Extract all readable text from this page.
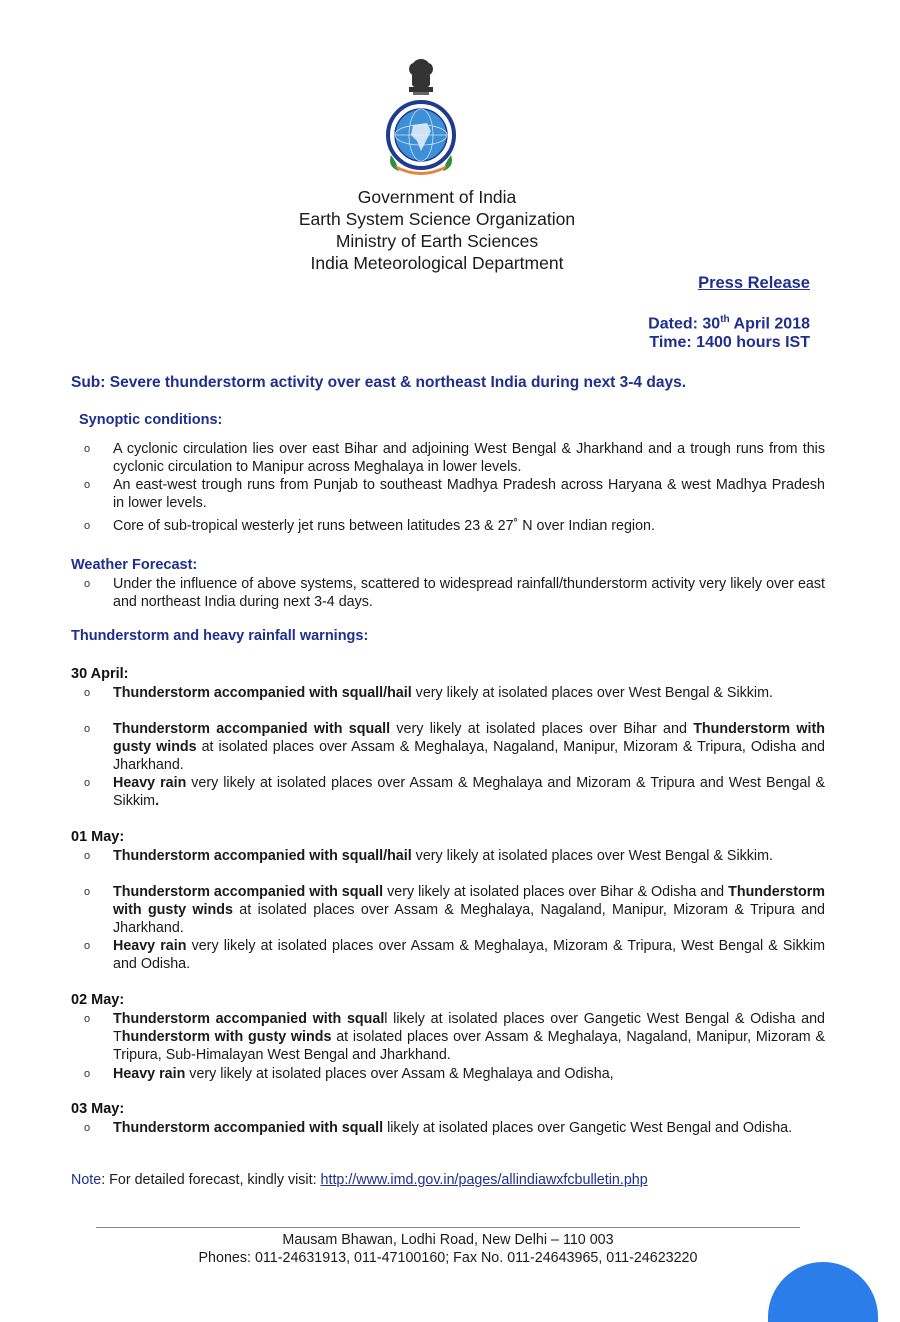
Government of India
Earth System Science Organization
Ministry of Earth Sciences
India Meteorological Department
Press Release
Dated: 30th April 2018
Time: 1400 hours IST
Sub: Severe thunderstorm activity over east & northeast India during next 3-4 days.
Synoptic conditions:
o A cyclonic circulation lies over east Bihar and adjoining West Bengal & Jharkhand and a trough runs from this cyclonic circulation to Manipur across Meghalaya in lower levels.
o An east-west trough runs from Punjab to southeast Madhya Pradesh across Haryana & west Madhya Pradesh in lower levels.
o Core of sub-tropical westerly jet runs between latitudes 23 & 27˚ N over Indian region.
Weather Forecast:
o Under the influence of above systems, scattered to widespread rainfall/thunderstorm activity very likely over east and northeast India during next 3-4 days.
Thunderstorm and heavy rainfall warnings:
30 April:
o Thunderstorm accompanied with squall/hail very likely at isolated places over West Bengal & Sikkim.
o Thunderstorm accompanied with squall very likely at isolated places over Bihar and Thunderstorm with gusty winds at isolated places over Assam & Meghalaya, Nagaland, Manipur, Mizoram & Tripura, Odisha and Jharkhand.
o Heavy rain very likely at isolated places over Assam & Meghalaya and Mizoram & Tripura and West Bengal & Sikkim.
01 May:
o Thunderstorm accompanied with squall/hail very likely at isolated places over West Bengal & Sikkim.
o Thunderstorm accompanied with squall very likely at isolated places over Bihar & Odisha and Thunderstorm with gusty winds at isolated places over Assam & Meghalaya, Nagaland, Manipur, Mizoram & Tripura and Jharkhand.
o Heavy rain very likely at isolated places over Assam & Meghalaya, Mizoram & Tripura, West Bengal & Sikkim and Odisha.
02 May:
o Thunderstorm accompanied with squall likely at isolated places over Gangetic West Bengal & Odisha and Thunderstorm with gusty winds at isolated places over Assam & Meghalaya, Nagaland, Manipur, Mizoram & Tripura, Sub-Himalayan West Bengal and Jharkhand.
o Heavy rain very likely at isolated places over Assam & Meghalaya and Odisha,
03 May:
o Thunderstorm accompanied with squall likely at isolated places over Gangetic West Bengal and Odisha.
Note: For detailed forecast, kindly visit: http://www.imd.gov.in/pages/allindiawxfcbulletin.php
Mausam Bhawan, Lodhi Road, New Delhi – 110 003
Phones: 011-24631913, 011-47100160; Fax No. 011-24643965, 011-24623220
